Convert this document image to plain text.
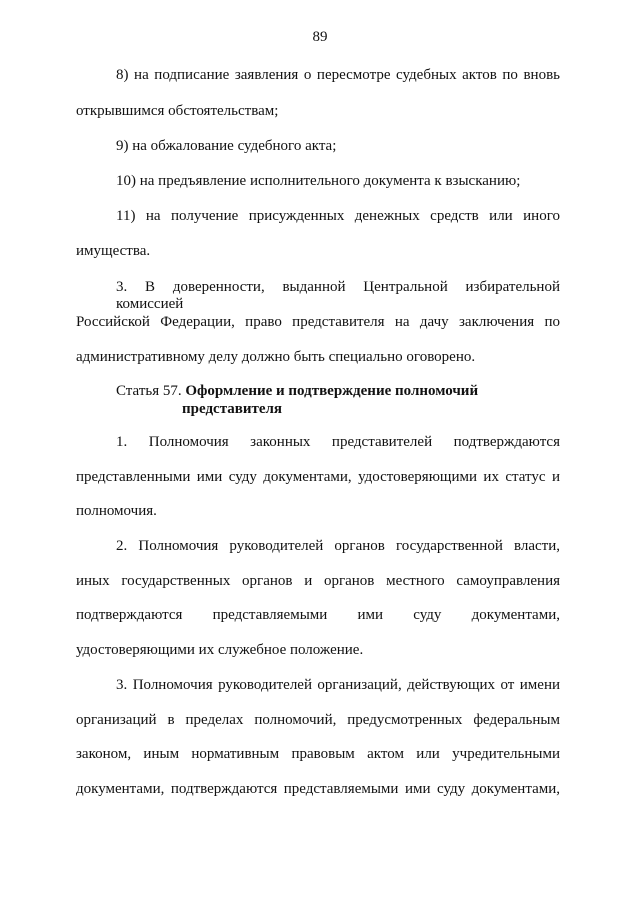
89
8) на подписание заявления о пересмотре судебных актов по вновь
открывшимся обстоятельствам;
9) на обжалование судебного акта;
10) на предъявление исполнительного документа к взысканию;
11) на получение присужденных денежных средств или иного
имущества.
3. В доверенности, выданной Центральной избирательной комиссией
Российской Федерации, право представителя на дачу заключения по
административному делу должно быть специально оговорено.
Статья 57. Оформление и подтверждение полномочий
представителя
1. Полномочия законных представителей подтверждаются
представленными ими суду документами, удостоверяющими их статус и
полномочия.
2. Полномочия руководителей органов государственной власти,
иных государственных органов и органов местного самоуправления
подтверждаются представляемыми ими суду документами,
удостоверяющими их служебное положение.
3. Полномочия руководителей организаций, действующих от имени
организаций в пределах полномочий, предусмотренных федеральным
законом, иным нормативным правовым актом или учредительными
документами, подтверждаются представляемыми ими суду документами,
